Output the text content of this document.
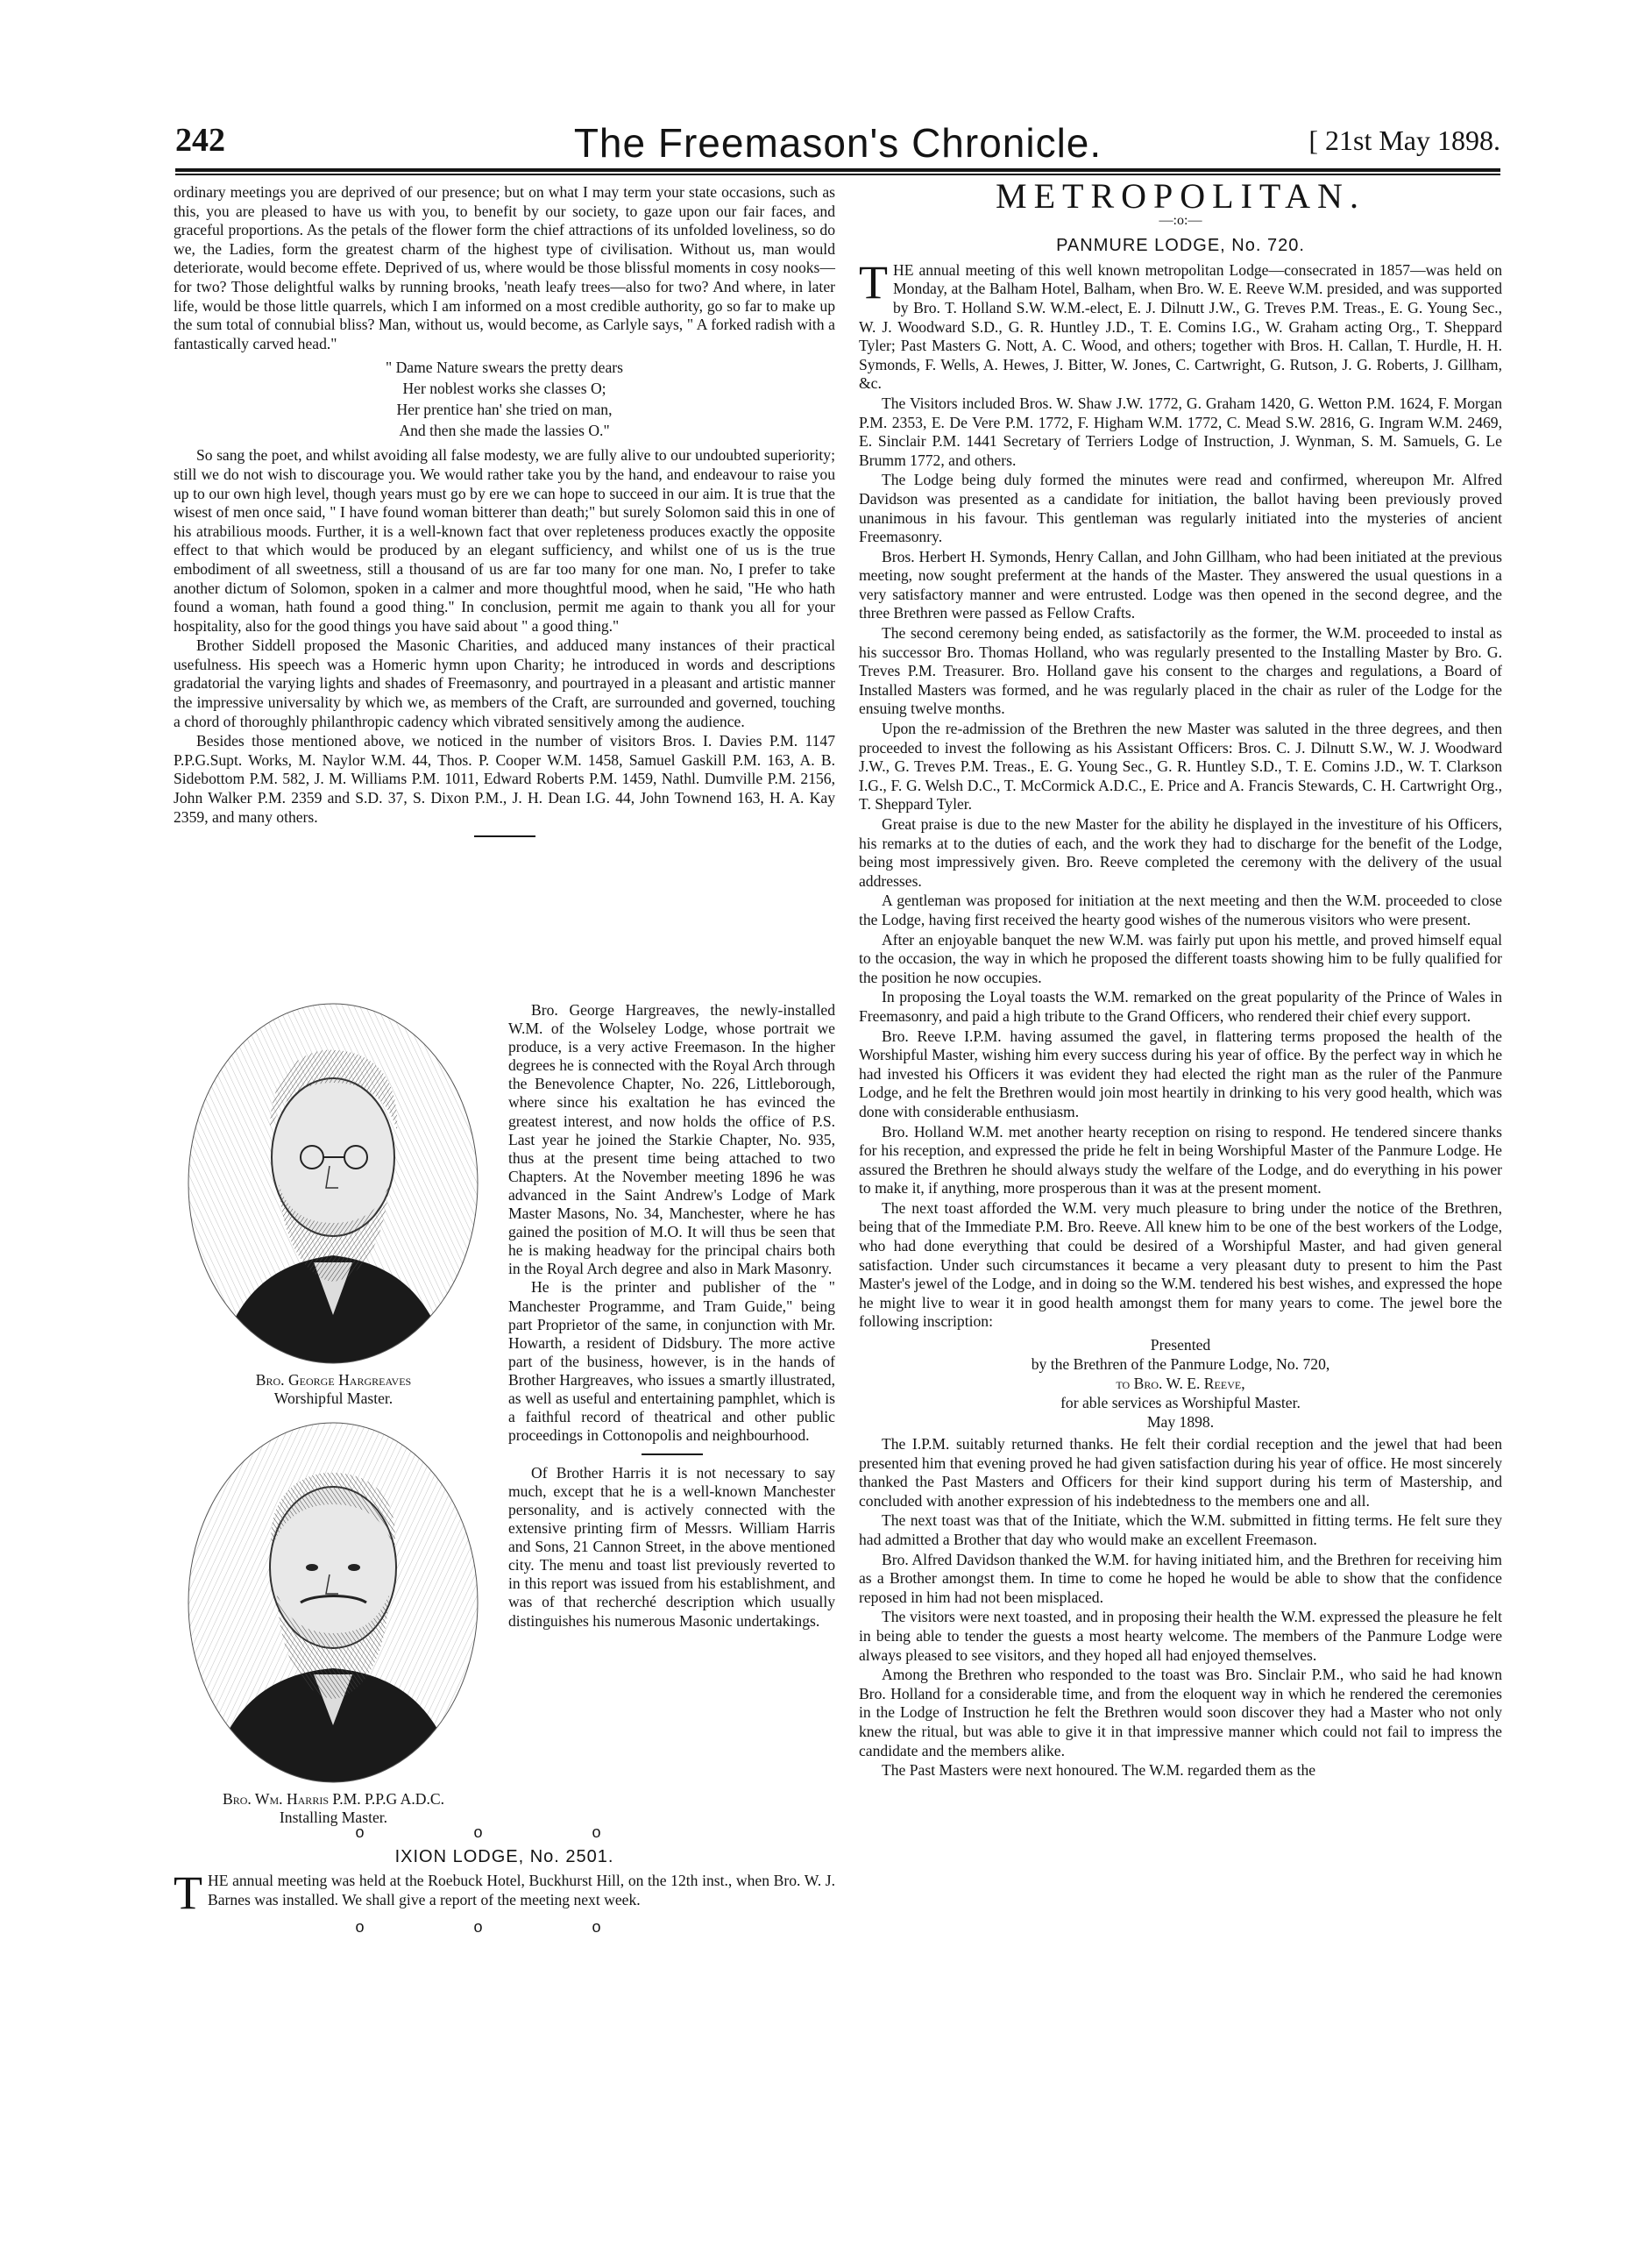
242	The Freemason's Chronicle.	[ 21st May 1898.

ordinary meetings you are deprived of our presence; but on what I may term your state occasions, such as this, you are pleased to have us with you, to benefit by our society, to gaze upon our fair faces, and graceful proportions. As the petals of the flower form the chief attractions of its unfolded loveliness, so do we, the Ladies, form the greatest charm of the highest type of civilisation. Without us, man would deteriorate, would become effete. Deprived of us, where would be those blissful moments in cosy nooks—for two? Those delightful walks by running brooks, 'neath leafy trees—also for two? And where, in later life, would be those little quarrels, which I am informed on a most credible authority, go so far to make up the sum total of connubial bliss? Man, without us, would become, as Carlyle says, " A forked radish with a fantastically carved head."

" Dame Nature swears the pretty dears
Her noblest works she classes O;
Her prentice han' she tried on man,
And then she made the lassies O."

So sang the poet, and whilst avoiding all false modesty, we are fully alive to our undoubted superiority; still we do not wish to discourage you. We would rather take you by the hand, and endeavour to raise you up to our own high level, though years must go by ere we can hope to succeed in our aim. It is true that the wisest of men once said, " I have found woman bitterer than death;" but surely Solomon said this in one of his atrabilious moods. Further, it is a well-known fact that over repleteness produces exactly the opposite effect to that which would be produced by an elegant sufficiency, and whilst one of us is the true embodiment of all sweetness, still a thousand of us are far too many for one man. No, I prefer to take another dictum of Solomon, spoken in a calmer and more thoughtful mood, when he said, "He who hath found a woman, hath found a good thing." In conclusion, permit me again to thank you all for your hospitality, also for the good things you have said about " a good thing."

Brother Siddell proposed the Masonic Charities, and adduced many instances of their practical usefulness. His speech was a Homeric hymn upon Charity; he introduced in words and descriptions gradatorial the varying lights and shades of Freemasonry, and pourtrayed in a pleasant and artistic manner the impressive universality by which we, as members of the Craft, are surrounded and governed, touching a chord of thoroughly philanthropic cadency which vibrated sensitively among the audience.

Besides those mentioned above, we noticed in the number of visitors Bros. I. Davies P.M. 1147 P.P.G.Supt. Works, M. Naylor W.M. 44, Thos. P. Cooper W.M. 1458, Samuel Gaskill P.M. 163, A. B. Sidebottom P.M. 582, J. M. Williams P.M. 1011, Edward Roberts P.M. 1459, Nathl. Dumville P.M. 2156, John Walker P.M. 2359 and S.D. 37, S. Dixon P.M., J. H. Dean I.G. 44, John Townend 163, H. A. Kay 2359, and many others.

Bro. George Hargreaves
Worshipful Master.
Bro. Wm. Harris P.M. P.P.G A.D.C.
Installing Master.

Bro. George Hargreaves, the newly-installed W.M. of the Wolseley Lodge, whose portrait we produce, is a very active Freemason. In the higher degrees he is connected with the Royal Arch through the Benevolence Chapter, No. 226, Littleborough, where since his exaltation he has evinced the greatest interest, and now holds the office of P.S. Last year he joined the Starkie Chapter, No. 935, thus at the present time being attached to two Chapters. At the November meeting 1896 he was advanced in the Saint Andrew's Lodge of Mark Master Masons, No. 34, Manchester, where he has gained the position of M.O. It will thus be seen that he is making headway for the principal chairs both in the Royal Arch degree and also in Mark Masonry.

He is the printer and publisher of the " Manchester Programme, and Tram Guide," being part Proprietor of the same, in conjunction with Mr. Howarth, a resident of Didsbury. The more active part of the business, however, is in the hands of Brother Hargreaves, who issues a smartly illustrated, as well as useful and entertaining pamphlet, which is a faithful record of theatrical and other public proceedings in Cottonopolis and neighbourhood.

Of Brother Harris it is not necessary to say much, except that he is a well-known Manchester personality, and is actively connected with the extensive printing firm of Messrs. William Harris and Sons, 21 Cannon Street, in the above mentioned city. The menu and toast list previously reverted to in this report was issued from his establishment, and was of that recherché description which usually distinguishes his numerous Masonic undertakings.

o o o
IXION LODGE, No. 2501.

THE annual meeting was held at the Roebuck Hotel, Buckhurst Hill, on the 12th inst., when Bro. W. J. Barnes was installed. We shall give a report of the meeting next week.

o o o
METROPOLITAN.
—:o:—
PANMURE LODGE, No. 720.

THE annual meeting of this well known metropolitan Lodge—consecrated in 1857—was held on Monday, at the Balham Hotel, Balham, when Bro. W. E. Reeve W.M. presided, and was supported by Bro. T. Holland S.W. W.M.-elect, E. J. Dilnutt J.W., G. Treves P.M. Treas., E. G. Young Sec., W. J. Woodward S.D., G. R. Huntley J.D., T. E. Comins I.G., W. Graham acting Org., T. Sheppard Tyler; Past Masters G. Nott, A. C. Wood, and others; together with Bros. H. Callan, T. Hurdle, H. H. Symonds, F. Wells, A. Hewes, J. Bitter, W. Jones, C. Cartwright, G. Rutson, J. G. Roberts, J. Gillham, &c.

The Visitors included Bros. W. Shaw J.W. 1772, G. Graham 1420, G. Wetton P.M. 1624, F. Morgan P.M. 2353, E. De Vere P.M. 1772, F. Higham W.M. 1772, C. Mead S.W. 2816, G. Ingram W.M. 2469, E. Sinclair P.M. 1441 Secretary of Terriers Lodge of Instruction, J. Wynman, S. M. Samuels, G. Le Brumm 1772, and others.

The Lodge being duly formed the minutes were read and confirmed, whereupon Mr. Alfred Davidson was presented as a candidate for initiation, the ballot having been previously proved unanimous in his favour. This gentleman was regularly initiated into the mysteries of ancient Freemasonry.

Bros. Herbert H. Symonds, Henry Callan, and John Gillham, who had been initiated at the previous meeting, now sought preferment at the hands of the Master. They answered the usual questions in a very satisfactory manner and were entrusted. Lodge was then opened in the second degree, and the three Brethren were passed as Fellow Crafts.

The second ceremony being ended, as satisfactorily as the former, the W.M. proceeded to instal as his successor Bro. Thomas Holland, who was regularly presented to the Installing Master by Bro. G. Treves P.M. Treasurer. Bro. Holland gave his consent to the charges and regulations, a Board of Installed Masters was formed, and he was regularly placed in the chair as ruler of the Lodge for the ensuing twelve months.

Upon the re-admission of the Brethren the new Master was saluted in the three degrees, and then proceeded to invest the following as his Assistant Officers: Bros. C. J. Dilnutt S.W., W. J. Woodward J.W., G. Treves P.M. Treas., E. G. Young Sec., G. R. Huntley S.D., T. E. Comins J.D., W. T. Clarkson I.G., F. G. Welsh D.C., T. McCormick A.D.C., E. Price and A. Francis Stewards, C. H. Cartwright Org., T. Sheppard Tyler.

Great praise is due to the new Master for the ability he displayed in the investiture of his Officers, his remarks at to the duties of each, and the work they had to discharge for the benefit of the Lodge, being most impressively given. Bro. Reeve completed the ceremony with the delivery of the usual addresses.

A gentleman was proposed for initiation at the next meeting and then the W.M. proceeded to close the Lodge, having first received the hearty good wishes of the numerous visitors who were present.

After an enjoyable banquet the new W.M. was fairly put upon his mettle, and proved himself equal to the occasion, the way in which he proposed the different toasts showing him to be fully qualified for the position he now occupies.

In proposing the Loyal toasts the W.M. remarked on the great popularity of the Prince of Wales in Freemasonry, and paid a high tribute to the Grand Officers, who rendered their chief every support.

Bro. Reeve I.P.M. having assumed the gavel, in flattering terms proposed the health of the Worshipful Master, wishing him every success during his year of office. By the perfect way in which he had invested his Officers it was evident they had elected the right man as the ruler of the Panmure Lodge, and he felt the Brethren would join most heartily in drinking to his very good health, which was done with considerable enthusiasm.

Bro. Holland W.M. met another hearty reception on rising to respond. He tendered sincere thanks for his reception, and expressed the pride he felt in being Worshipful Master of the Panmure Lodge. He assured the Brethren he should always study the welfare of the Lodge, and do everything in his power to make it, if anything, more prosperous than it was at the present moment.

The next toast afforded the W.M. very much pleasure to bring under the notice of the Brethren, being that of the Immediate P.M. Bro. Reeve. All knew him to be one of the best workers of the Lodge, who had done everything that could be desired of a Worshipful Master, and had given general satisfaction. Under such circumstances it became a very pleasant duty to present to him the Past Master's jewel of the Lodge, and in doing so the W.M. tendered his best wishes, and expressed the hope he might live to wear it in good health amongst them for many years to come. The jewel bore the following inscription:

Presented
by the Brethren of the Panmure Lodge, No. 720,
to Bro. W. E. Reeve,
for able services as Worshipful Master.
May 1898.

The I.P.M. suitably returned thanks. He felt their cordial reception and the jewel that had been presented him that evening proved he had given satisfaction during his year of office. He most sincerely thanked the Past Masters and Officers for their kind support during his term of Mastership, and concluded with another expression of his indebtedness to the members one and all.

The next toast was that of the Initiate, which the W.M. submitted in fitting terms. He felt sure they had admitted a Brother that day who would make an excellent Freemason.

Bro. Alfred Davidson thanked the W.M. for having initiated him, and the Brethren for receiving him as a Brother amongst them. In time to come he hoped he would be able to show that the confidence reposed in him had not been misplaced.

The visitors were next toasted, and in proposing their health the W.M. expressed the pleasure he felt in being able to tender the guests a most hearty welcome. The members of the Panmure Lodge were always pleased to see visitors, and they hoped all had enjoyed themselves.

Among the Brethren who responded to the toast was Bro. Sinclair P.M., who said he had known Bro. Holland for a considerable time, and from the eloquent way in which he rendered the ceremonies in the Lodge of Instruction he felt the Brethren would soon discover they had a Master who not only knew the ritual, but was able to give it in that impressive manner which could not fail to impress the candidate and the members alike.

The Past Masters were next honoured. The W.M. regarded them as the
